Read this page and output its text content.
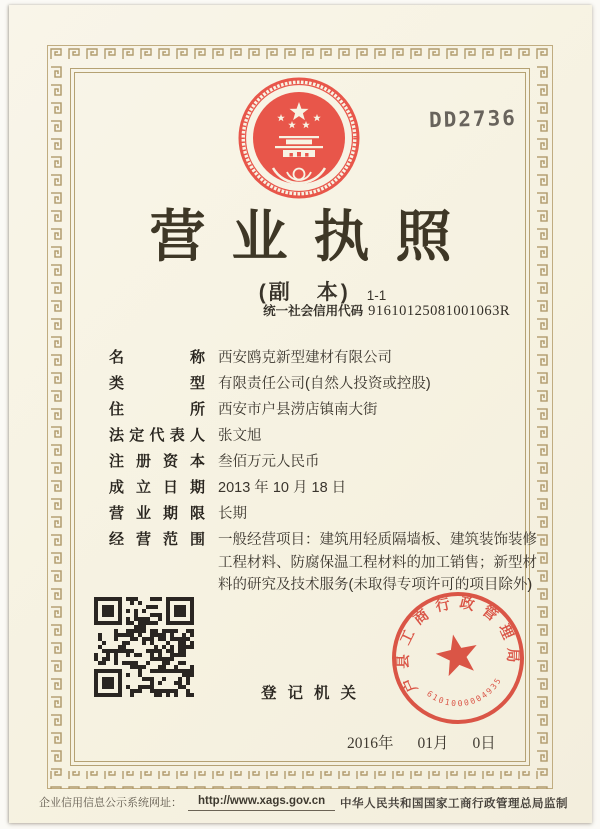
DD2736
营业执照
(副　本) 1-1
统一社会信用代码 91610125081001063R
名称 西安鸥克新型建材有限公司
类型 有限责任公司(自然人投资或控股)
住所 西安市户县涝店镇南大街
法定代表人 张文旭
注册资本 叁佰万元人民币
成立日期 2013 年 10 月 18 日
营业期限 长期
经营范围 一般经营项目：建筑用轻质隔墙板、建筑装饰装修工程材料、防腐保温工程材料的加工销售；新型材料的研究及技术服务(未取得专项许可的项目除外)
登记机关	户县工商行政管理局
6101000004935
2016年 01月 0日
企业信用信息公示系统网址：	http://www.xags.gov.cn	中华人民共和国国家工商行政管理总局监制
